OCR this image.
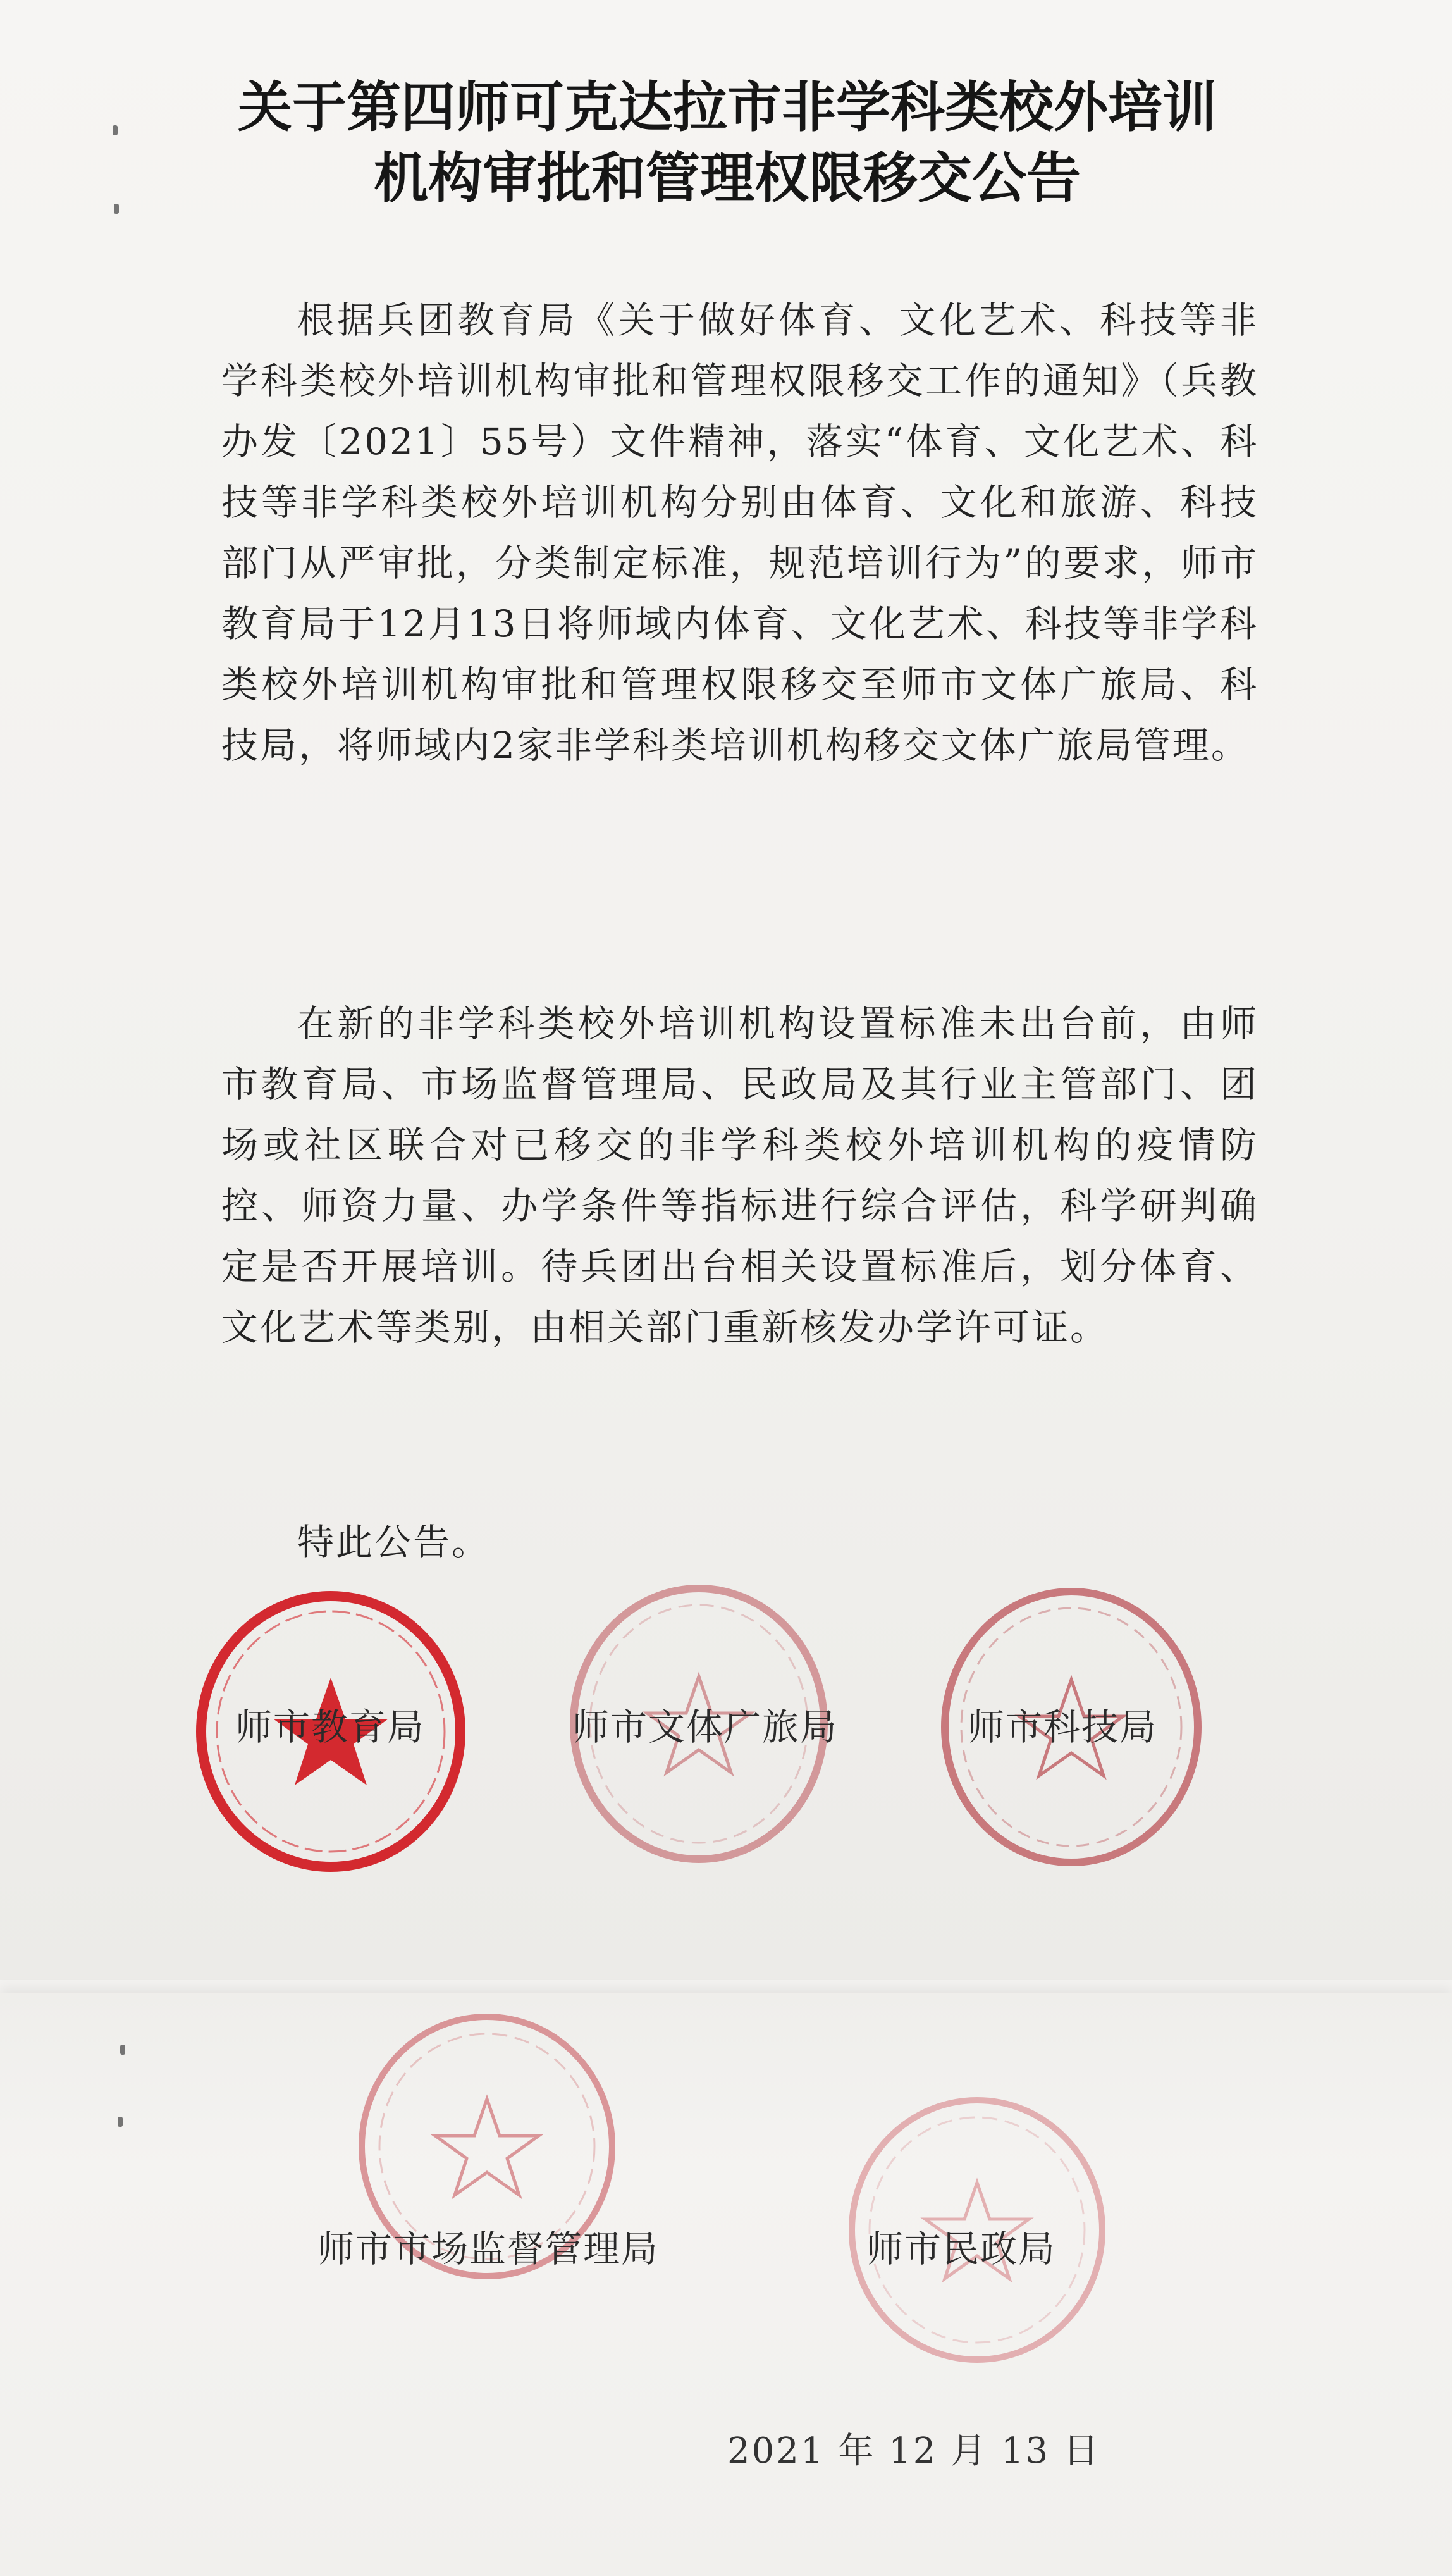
关于第四师可克达拉市非学科类校外培训
机构审批和管理权限移交公告
根据兵团教育局《关于做好体育、文化艺术、科技等非学科类校外培训机构审批和管理权限移交工作的通知》（兵教办发〔2021〕55号）文件精神，落实“体育、文化艺术、科技等非学科类校外培训机构分别由体育、文化和旅游、科技部门从严审批，分类制定标准，规范培训行为”的要求，师市教育局于12月13日将师域内体育、文化艺术、科技等非学科类校外培训机构审批和管理权限移交至师市文体广旅局、科技局，将师域内2家非学科类培训机构移交文体广旅局管理。
在新的非学科类校外培训机构设置标准未出台前，由师市教育局、市场监督管理局、民政局及其行业主管部门、团场或社区联合对已移交的非学科类校外培训机构的疫情防控、师资力量、办学条件等指标进行综合评估，科学研判确定是否开展培训。待兵团出台相关设置标准后，划分体育、文化艺术等类别，由相关部门重新核发办学许可证。
特此公告。
师市教育局	师市文体广旅局	师市科技局
师市市场监督管理局	师市民政局
2021 年 12 月 13 日
